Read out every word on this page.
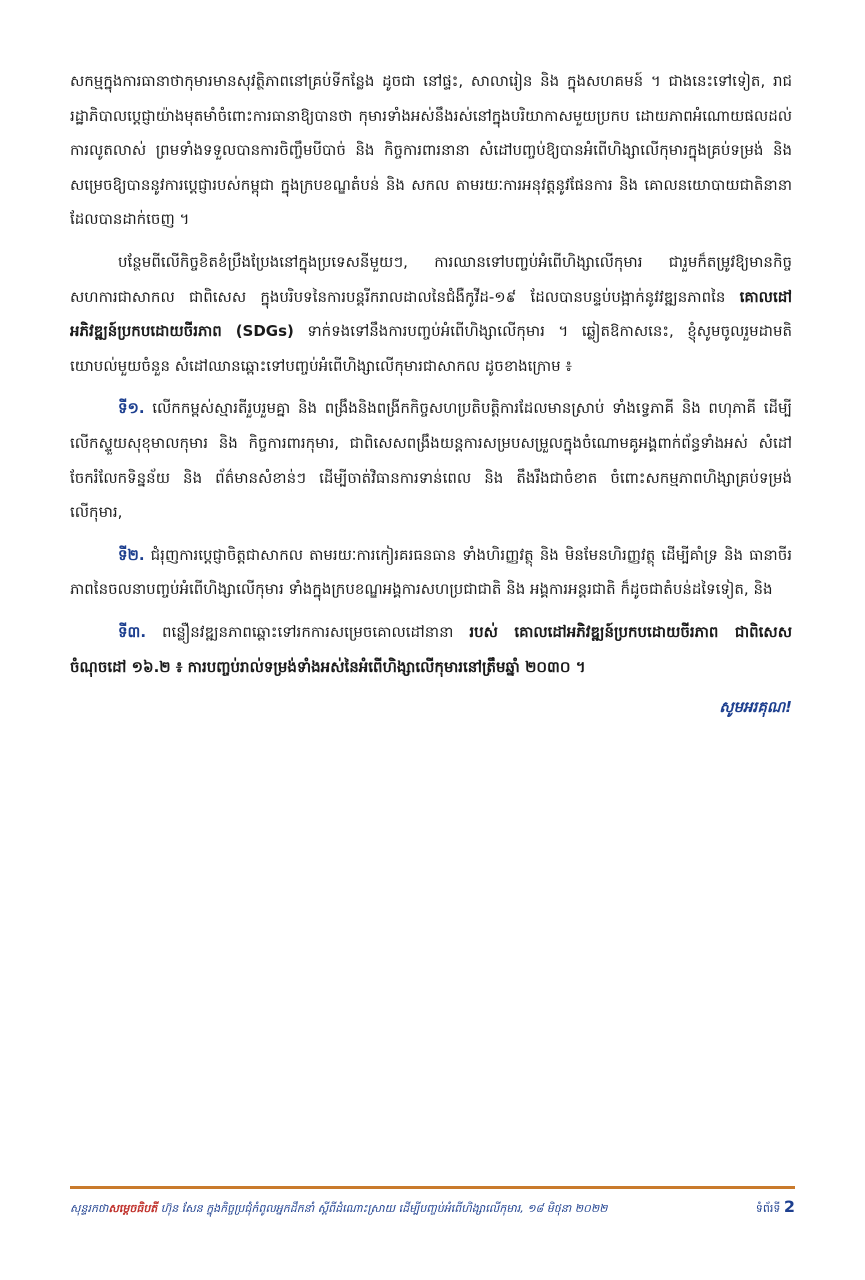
សកម្មក្នុងការធានាថាកុមារមានសុវត្ថិភាពនៅគ្រប់ទីកន្លែង ដូចជា នៅផ្ទះ, សាលារៀន និង ក្នុងសហគមន៍ ។ ជាងនេះទៅទៀត, រាជរដ្ឋាភិបាលប្តេជ្ញាយ៉ាងមុតមាំចំពោះការធានាឱ្យបានថា កុមារទាំងអស់នឹងរស់នៅក្នុងបរិយាកាសមួយប្រកប ដោយភាពអំណោយផលដល់ការលូតលាស់ ព្រមទាំងទទួលបានការចិញ្ចឹមបីបាច់ និង កិច្ចការពារនានា សំដៅបញ្ចប់ឱ្យបានអំពើហិង្សាលើកុមារក្នុងគ្រប់ទម្រង់ និង សម្រេចឱ្យបាននូវការប្តេជ្ញារបស់កម្ពុជា ក្នុងក្របខណ្ឌតំបន់ និង សកល តាមរយៈការអនុវត្តនូវផែនការ និង គោលនយោបាយជាតិនានា ដែលបានដាក់ចេញ ។

បន្ថែមពីលើកិច្ចខិតខំប្រឹងប្រែងនៅក្នុងប្រទេសនីមួយៗ, ការឈានទៅបញ្ចប់អំពើហិង្សាលើកុមារ ជារួមក៏តម្រូវឱ្យមានកិច្ចសហការជាសាកល ជាពិសេស ក្នុងបរិបទនៃការបន្តរីករាលដាលនៃជំងឺកូវីដ-១៩ ដែលបានបន្ទប់បង្អាក់នូវវឌ្ឍនភាពនៃ គោលដៅអភិវឌ្ឍន៍ប្រកបដោយចីរភាព (SDGs) ទាក់ទងទៅនឹងការបញ្ចប់អំពើហិង្សាលើកុមារ ។ ឆ្លៀតឱកាសនេះ, ខ្ញុំសូមចូលរួមដាមតិយោបល់មួយចំនួន សំដៅឈានឆ្ពោះទៅបញ្ចប់អំពើហិង្សាលើកុមារជាសាកល ដូចខាងក្រោម ៖

ទី១. លើកកម្ពស់ស្មារតីរួបរួមគ្នា និង ពង្រឹងនិងពង្រីកកិច្ចសហប្រតិបត្តិការដែលមានស្រាប់ ទាំងទ្វេភាគី និង ពហុភាគី ដើម្បីលើកស្ទួយសុខុមាលកុមារ និង កិច្ចការពារកុមារ, ជាពិសេសពង្រឹងយន្តការសម្របសម្រួលក្នុងចំណោមគូអង្គពាក់ព័ន្ធទាំងអស់ សំដៅចែករំលែកទិន្នន័យ និង ព័ត៌មានសំខាន់ៗ ដើម្បីចាត់វិធានការទាន់ពេល និង តឹងរឹងជាចំខាត ចំពោះសកម្មភាពហិង្សាគ្រប់ទម្រង់លើកុមារ,

ទី២. ជំរុញការប្តេជ្ញាចិត្តជាសាកល តាមរយៈការកៀរគរធនធាន ទាំងហិរញ្ញវត្ថុ និង មិនមែនហិរញ្ញវត្ថុ ដើម្បីគាំទ្រ និង ធានាចីរភាពនៃចលនាបញ្ចប់អំពើហិង្សាលើកុមារ ទាំងក្នុងក្របខណ្ឌអង្គការសហប្រជាជាតិ និង អង្គការអន្តរជាតិ ក៏ដូចជាតំបន់ដទៃទៀត, និង

ទី៣. ពន្លឿនវឌ្ឍនភាពឆ្ពោះទៅរកការសម្រេចគោលដៅនានា របស់ គោលដៅអភិវឌ្ឍន៍ប្រកបដោយចីរភាព ជាពិសេស ចំណុចដៅ ១៦.២ ៖ ការបញ្ចប់រាល់ទម្រង់ទាំងអស់នៃអំពើហិង្សាលើកុមារនៅត្រឹមឆ្នាំ ២០៣០ ។

សូមអរគុណ!
សុន្ទរកថាសម្តេចធិបតី ហ៊ុន សែន ក្នុងកិច្ចប្រជុំកំពូលអ្នកដឹកនាំ ស្តីពីដំណោះស្រាយ ដើម្បីបញ្ចប់អំពើហិង្សាលើកុមារ, ១៨ មិថុនា ២០២២	ទំព័រទី 2
